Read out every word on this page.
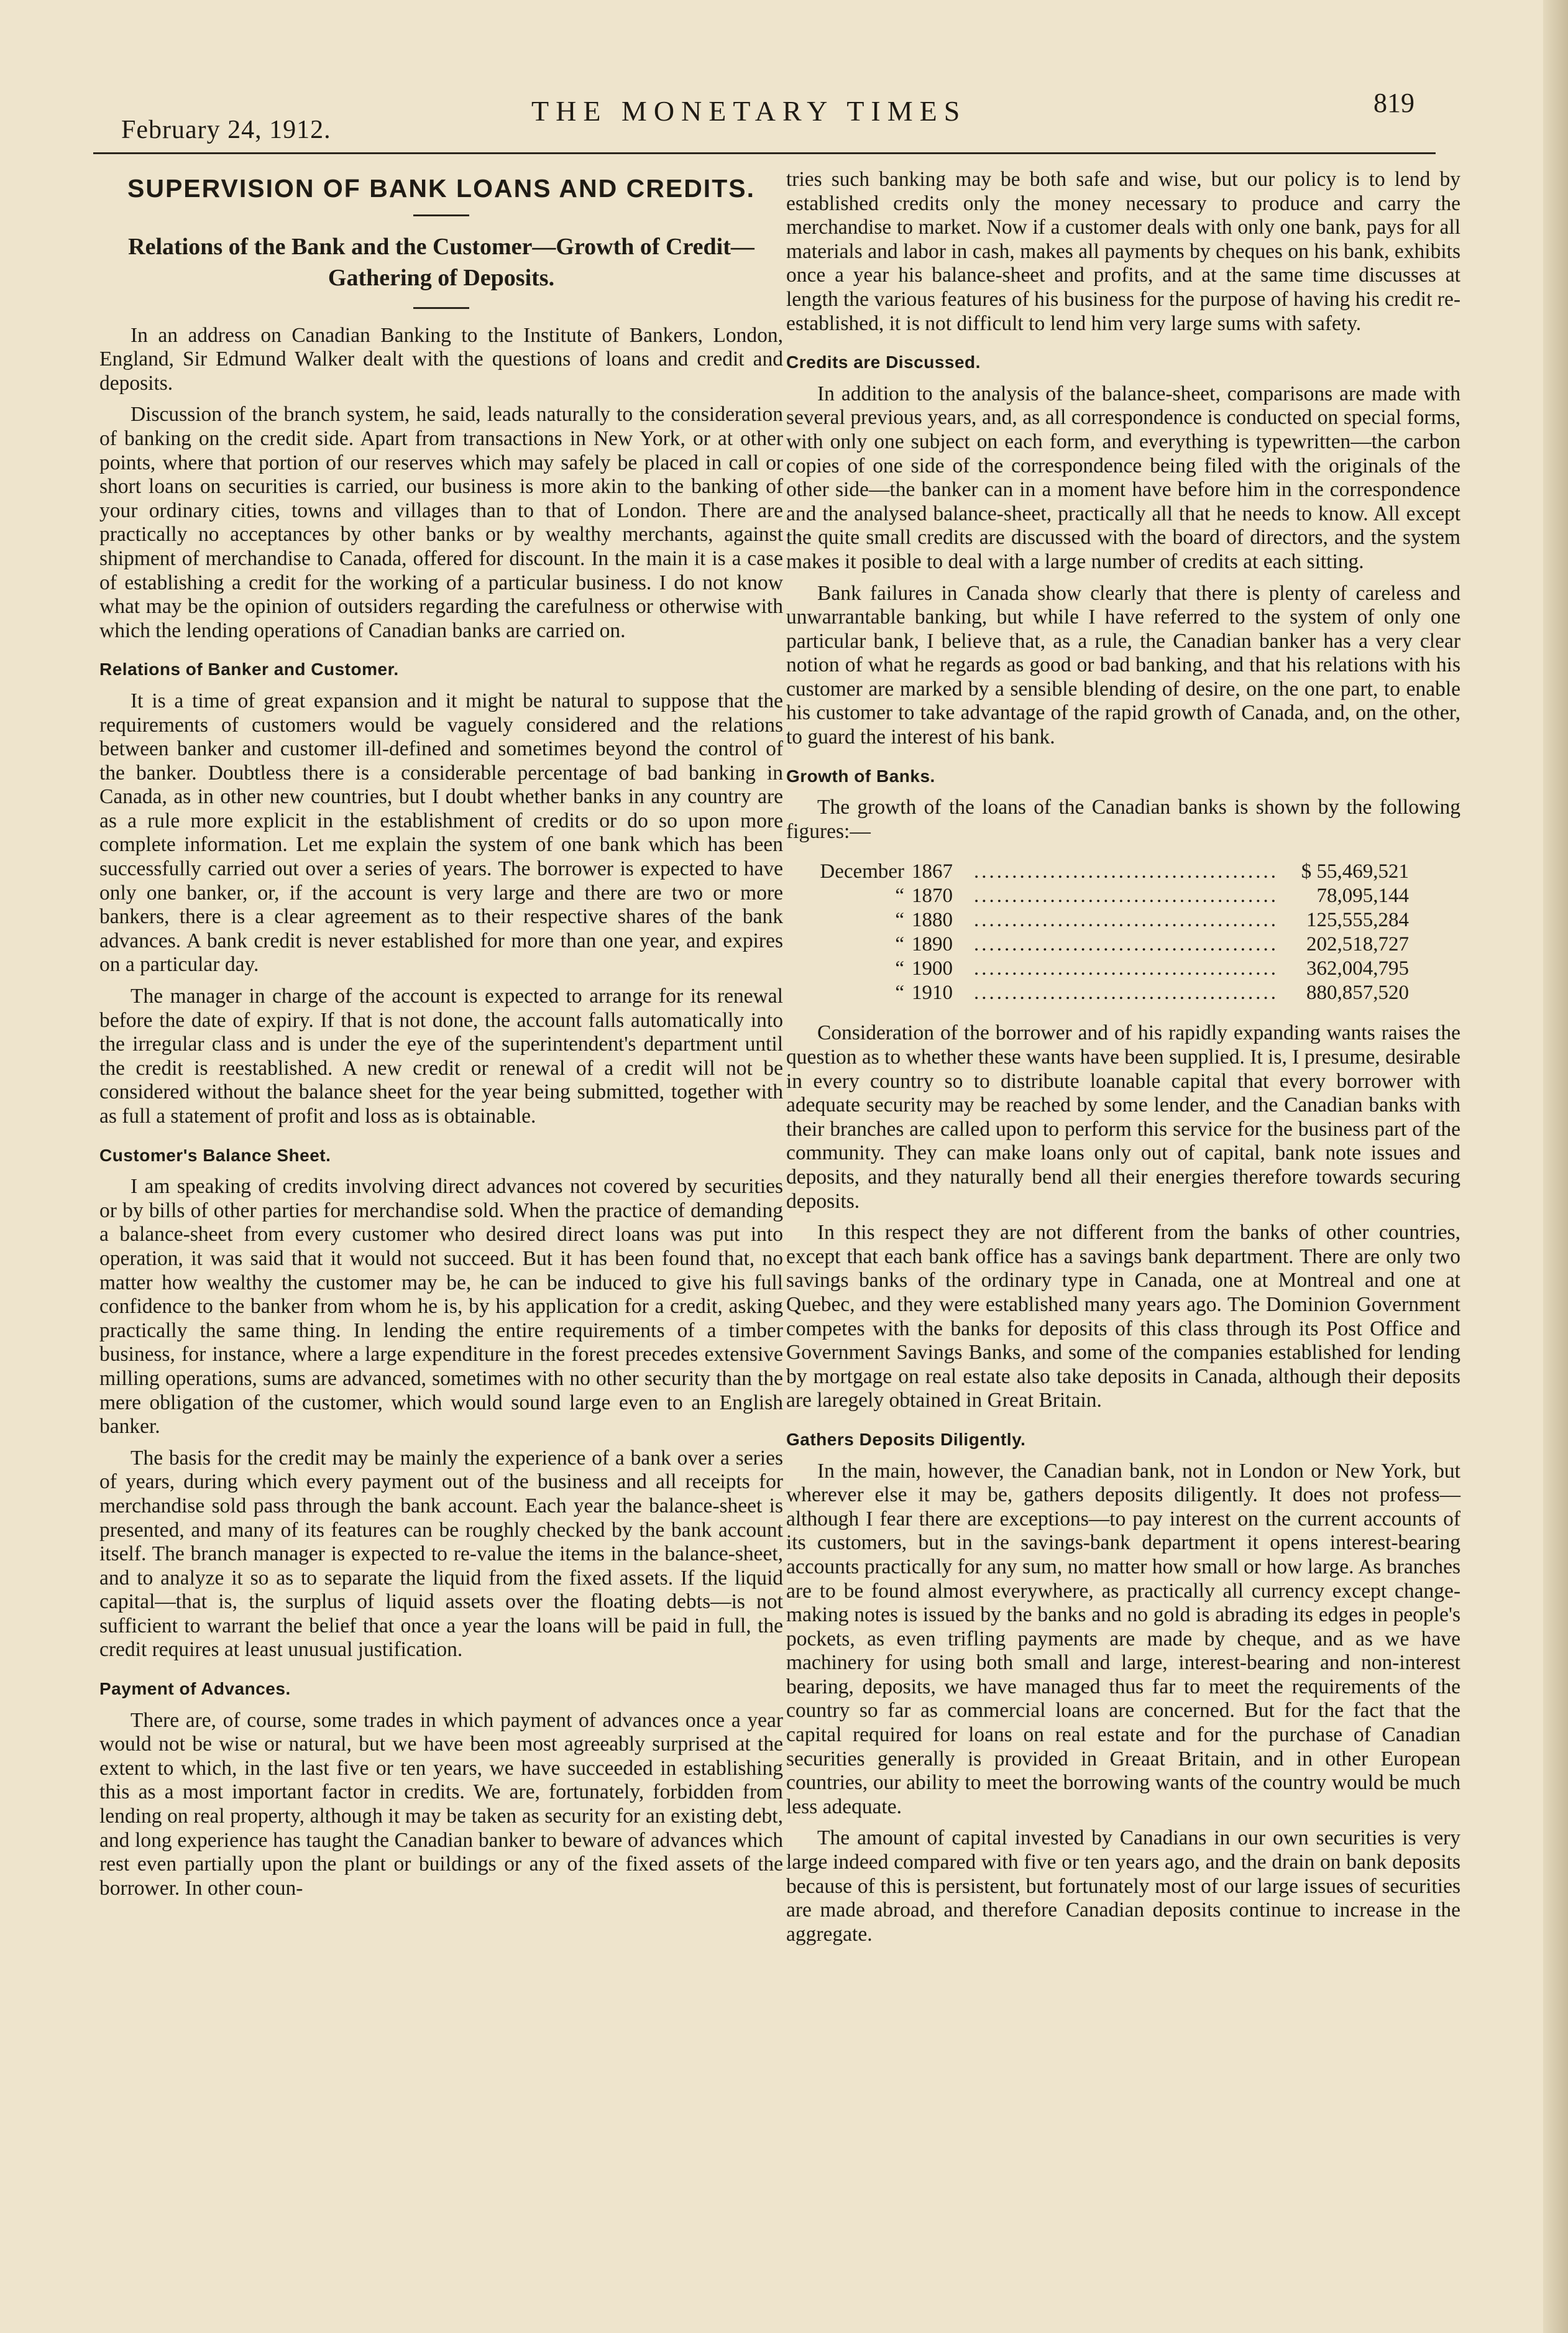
February 24, 1912.
THE MONETARY TIMES	819
SUPERVISION OF BANK LOANS AND CREDITS.
Relations of the Bank and the Customer—Growth of Credit—Gathering of Deposits.

In an address on Canadian Banking to the Institute of Bankers, London, England, Sir Edmund Walker dealt with the questions of loans and credit and deposits.

Discussion of the branch system, he said, leads naturally to the consideration of banking on the credit side. Apart from transactions in New York, or at other points, where that portion of our reserves which may safely be placed in call or short loans on securities is carried, our business is more akin to the banking of your ordinary cities, towns and villages than to that of London. There are practically no acceptances by other banks or by wealthy merchants, against shipment of merchandise to Canada, offered for discount. In the main it is a case of establishing a credit for the working of a particular business. I do not know what may be the opinion of outsiders regarding the carefulness or otherwise with which the lending operations of Canadian banks are carried on.

Relations of Banker and Customer.

It is a time of great expansion and it might be natural to suppose that the requirements of customers would be vaguely considered and the relations between banker and customer ill-defined and sometimes beyond the control of the banker. Doubtless there is a considerable percentage of bad banking in Canada, as in other new countries, but I doubt whether banks in any country are as a rule more explicit in the establishment of credits or do so upon more complete information. Let me explain the system of one bank which has been successfully carried out over a series of years. The borrower is expected to have only one banker, or, if the account is very large and there are two or more bankers, there is a clear agreement as to their respective shares of the bank advances. A bank credit is never established for more than one year, and expires on a particular day.

The manager in charge of the account is expected to arrange for its renewal before the date of expiry. If that is not done, the account falls automatically into the irregular class and is under the eye of the superintendent's department until the credit is reestablished. A new credit or renewal of a credit will not be considered without the balance sheet for the year being submitted, together with as full a statement of profit and loss as is obtainable.

Customer's Balance Sheet.

I am speaking of credits involving direct advances not covered by securities or by bills of other parties for merchandise sold. When the practice of demanding a balance-sheet from every customer who desired direct loans was put into operation, it was said that it would not succeed. But it has been found that, no matter how wealthy the customer may be, he can be induced to give his full confidence to the banker from whom he is, by his application for a credit, asking practically the same thing. In lending the entire requirements of a timber business, for instance, where a large expenditure in the forest precedes extensive milling operations, sums are advanced, sometimes with no other security than the mere obligation of the customer, which would sound large even to an English banker.

The basis for the credit may be mainly the experience of a bank over a series of years, during which every payment out of the business and all receipts for merchandise sold pass through the bank account. Each year the balance-sheet is presented, and many of its features can be roughly checked by the bank account itself. The branch manager is expected to re-value the items in the balance-sheet, and to analyze it so as to separate the liquid from the fixed assets. If the liquid capital—that is, the surplus of liquid assets over the floating debts—is not sufficient to warrant the belief that once a year the loans will be paid in full, the credit requires at least unusual justification.

Payment of Advances.

There are, of course, some trades in which payment of advances once a year would not be wise or natural, but we have been most agreeably surprised at the extent to which, in the last five or ten years, we have succeeded in establishing this as a most important factor in credits. We are, fortunately, forbidden from lending on real property, although it may be taken as security for an existing debt, and long experience has taught the Canadian banker to beware of advances which rest even partially upon the plant or buildings or any of the fixed assets of the borrower. In other coun-

tries such banking may be both safe and wise, but our policy is to lend by established credits only the money necessary to produce and carry the merchandise to market. Now if a customer deals with only one bank, pays for all materials and labor in cash, makes all payments by cheques on his bank, exhibits once a year his balance-sheet and profits, and at the same time discusses at length the various features of his business for the purpose of having his credit re-established, it is not difficult to lend him very large sums with safety.

Credits are Discussed.

In addition to the analysis of the balance-sheet, comparisons are made with several previous years, and, as all correspondence is conducted on special forms, with only one subject on each form, and everything is typewritten—the carbon copies of one side of the correspondence being filed with the originals of the other side—the banker can in a moment have before him in the correspondence and the analysed balance-sheet, practically all that he needs to know. All except the quite small credits are discussed with the board of directors, and the system makes it posible to deal with a large number of credits at each sitting.

Bank failures in Canada show clearly that there is plenty of careless and unwarrantable banking, but while I have referred to the system of only one particular bank, I believe that, as a rule, the Canadian banker has a very clear notion of what he regards as good or bad banking, and that his relations with his customer are marked by a sensible blending of desire, on the one part, to enable his customer to take advantage of the rapid growth of Canada, and, on the other, to guard the interest of his bank.

Growth of Banks.

The growth of the loans of the Canadian banks is shown by the following figures:—

December 1867	........................................	$ 55,469,521
“ 1870	........................................	78,095,144
“ 1880	........................................	125,555,284
“ 1890	........................................	202,518,727
“ 1900	........................................	362,004,795
“ 1910	........................................	880,857,520

Consideration of the borrower and of his rapidly expanding wants raises the question as to whether these wants have been supplied. It is, I presume, desirable in every country so to distribute loanable capital that every borrower with adequate security may be reached by some lender, and the Canadian banks with their branches are called upon to perform this service for the business part of the community. They can make loans only out of capital, bank note issues and deposits, and they naturally bend all their energies therefore towards securing deposits.

In this respect they are not different from the banks of other countries, except that each bank office has a savings bank department. There are only two savings banks of the ordinary type in Canada, one at Montreal and one at Quebec, and they were established many years ago. The Dominion Government competes with the banks for deposits of this class through its Post Office and Government Savings Banks, and some of the companies established for lending by mortgage on real estate also take deposits in Canada, although their deposits are laregely obtained in Great Britain.

Gathers Deposits Diligently.

In the main, however, the Canadian bank, not in London or New York, but wherever else it may be, gathers deposits diligently. It does not profess—although I fear there are exceptions—to pay interest on the current accounts of its customers, but in the savings-bank department it opens interest-bearing accounts practically for any sum, no matter how small or how large. As branches are to be found almost everywhere, as practically all currency except change-making notes is issued by the banks and no gold is abrading its edges in people's pockets, as even trifling payments are made by cheque, and as we have machinery for using both small and large, interest-bearing and non-interest bearing, deposits, we have managed thus far to meet the requirements of the country so far as commercial loans are concerned. But for the fact that the capital required for loans on real estate and for the purchase of Canadian securities generally is provided in Greaat Britain, and in other European countries, our ability to meet the borrowing wants of the country would be much less adequate.

The amount of capital invested by Canadians in our own securities is very large indeed compared with five or ten years ago, and the drain on bank deposits because of this is persistent, but fortunately most of our large issues of securities are made abroad, and therefore Canadian deposits continue to increase in the aggregate.
